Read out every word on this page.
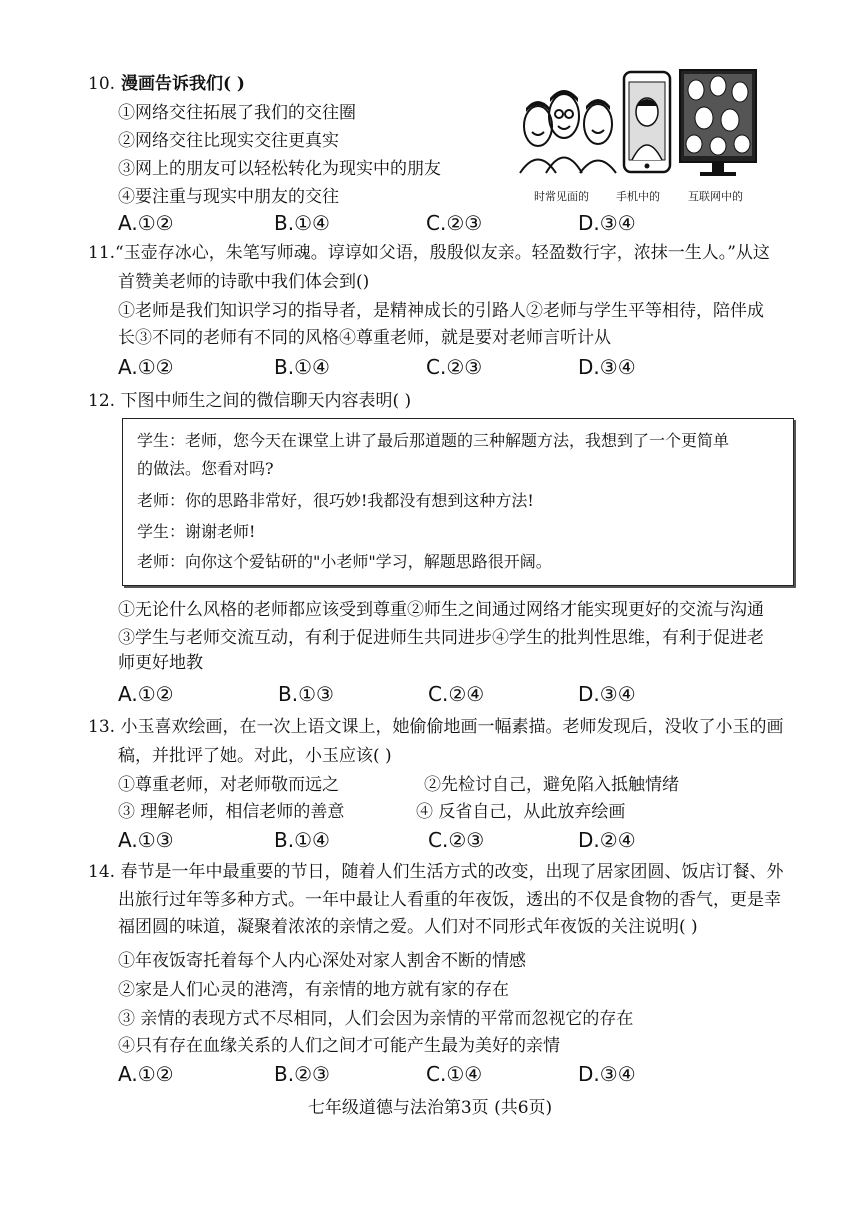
10. 漫画告诉我们( )
①网络交往拓展了我们的交往圈
②网络交往比现实交往更真实
③网上的朋友可以轻松转化为现实中的朋友
④要注重与现实中朋友的交往
A.①②	B.①④	C.②③	D.③④
时常见面的 手机中的	互联网中的
11.“玉壶存冰心，朱笔写师魂。谆谆如父语，殷殷似友亲。轻盈数行字，浓抹一生人。”从这
首赞美老师的诗歌中我们体会到()
①老师是我们知识学习的指导者，是精神成长的引路人②老师与学生平等相待，陪伴成
长③不同的老师有不同的风格④尊重老师，就是要对老师言听计从
A.①②	B.①④	C.②③	D.③④
12. 下图中师生之间的微信聊天内容表明( )
学生：老师，您今天在课堂上讲了最后那道题的三种解题方法，我想到了一个更简单
的做法。您看对吗?
老师：你的思路非常好，很巧妙!我都没有想到这种方法!
学生：谢谢老师!
老师：向你这个爱钻研的"小老师"学习，解题思路很开阔。
①无论什么风格的老师都应该受到尊重②师生之间通过网络才能实现更好的交流与沟通
③学生与老师交流互动，有利于促进师生共同进步④学生的批判性思维，有利于促进老
师更好地教
A.①②	B.①③	C.②④	D.③④
13. 小玉喜欢绘画，在一次上语文课上，她偷偷地画一幅素描。老师发现后，没收了小玉的画
稿，并批评了她。对此，小玉应该( )
①尊重老师，对老师敬而远之	②先检讨自己，避免陷入抵触情绪
③ 理解老师，相信老师的善意	④ 反省自己，从此放弃绘画
A.①③	B.①④	C.②③	D.②④
14. 春节是一年中最重要的节日，随着人们生活方式的改变，出现了居家团圆、饭店订餐、外
出旅行过年等多种方式。一年中最让人看重的年夜饭，透出的不仅是食物的香气，更是幸
福团圆的味道，凝聚着浓浓的亲情之爱。人们对不同形式年夜饭的关注说明( )
①年夜饭寄托着每个人内心深处对家人割舍不断的情感
②家是人们心灵的港湾，有亲情的地方就有家的存在
③ 亲情的表现方式不尽相同，人们会因为亲情的平常而忽视它的存在
④只有存在血缘关系的人们之间才可能产生最为美好的亲情
A.①②	B.②③	C.①④	D.③④
七年级道德与法治第3页 (共6页)
